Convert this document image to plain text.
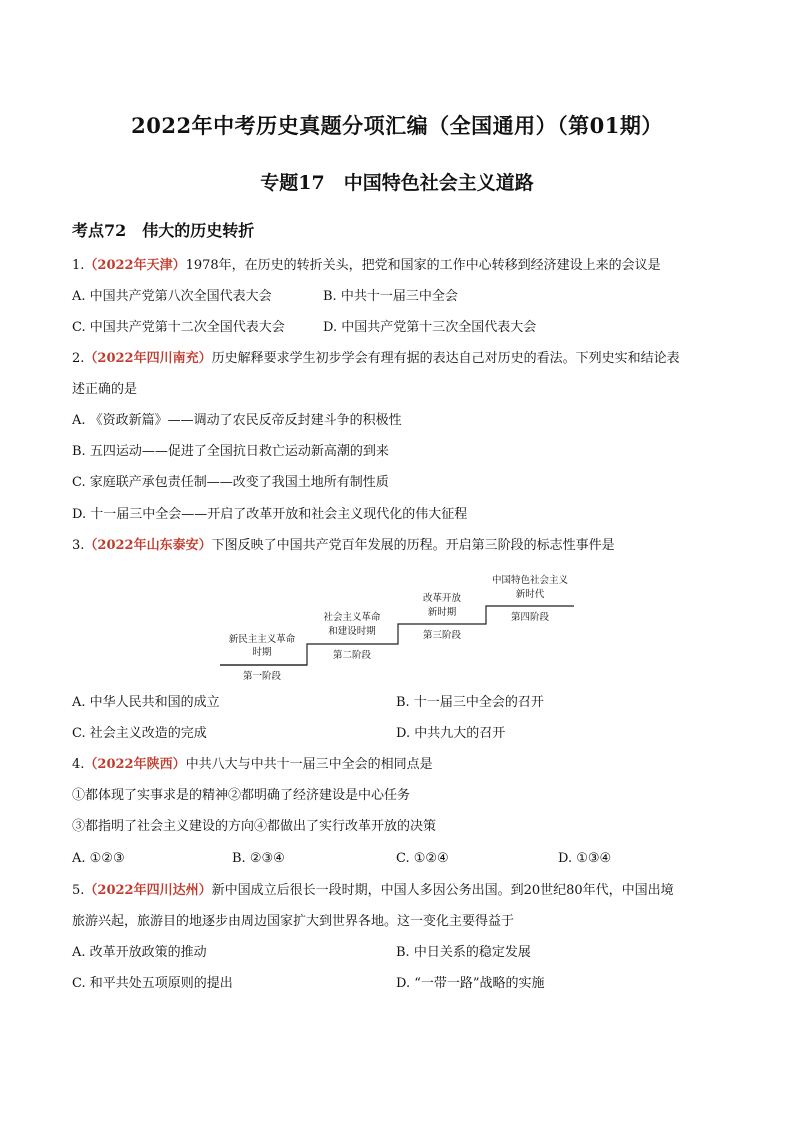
2022年中考历史真题分项汇编（全国通用）（第01期）
专题17　中国特色社会主义道路
考点72　伟大的历史转折
1.（2022年天津）1978年，在历史的转折关头，把党和国家的工作中心转移到经济建设上来的会议是
A. 中国共产党第八次全国代表大会	B. 中共十一届三中全会
C. 中国共产党第十二次全国代表大会	D. 中国共产党第十三次全国代表大会
2.（2022年四川南充）历史解释要求学生初步学会有理有据的表达自己对历史的看法。下列史实和结论表
述正确的是
A. 《资政新篇》——调动了农民反帝反封建斗争的积极性
B. 五四运动——促进了全国抗日救亡运动新高潮的到来
C. 家庭联产承包责任制——改变了我国土地所有制性质
D. 十一届三中全会——开启了改革开放和社会主义现代化的伟大征程
3.（2022年山东泰安）下图反映了中国共产党百年发展的历程。开启第三阶段的标志性事件是
新民主主义革命
时期
第一阶段
社会主义革命
和建设时期
第二阶段
改革开放
新时期
第三阶段
中国特色社会主义
新时代
第四阶段
A. 中华人民共和国的成立	B. 十一届三中全会的召开
C. 社会主义改造的完成	D. 中共九大的召开
4.（2022年陕西）中共八大与中共十一届三中全会的相同点是
①都体现了实事求是的精神②都明确了经济建设是中心任务
③都指明了社会主义建设的方向④都做出了实行改革开放的决策
A. ①②③	B. ②③④	C. ①②④	D. ①③④
5.（2022年四川达州）新中国成立后很长一段时期，中国人多因公务出国。到20世纪80年代，中国出境
旅游兴起，旅游目的地逐步由周边国家扩大到世界各地。这一变化主要得益于
A. 改革开放政策的推动	B. 中日关系的稳定发展
C. 和平共处五项原则的提出	D. “一带一路”战略的实施
